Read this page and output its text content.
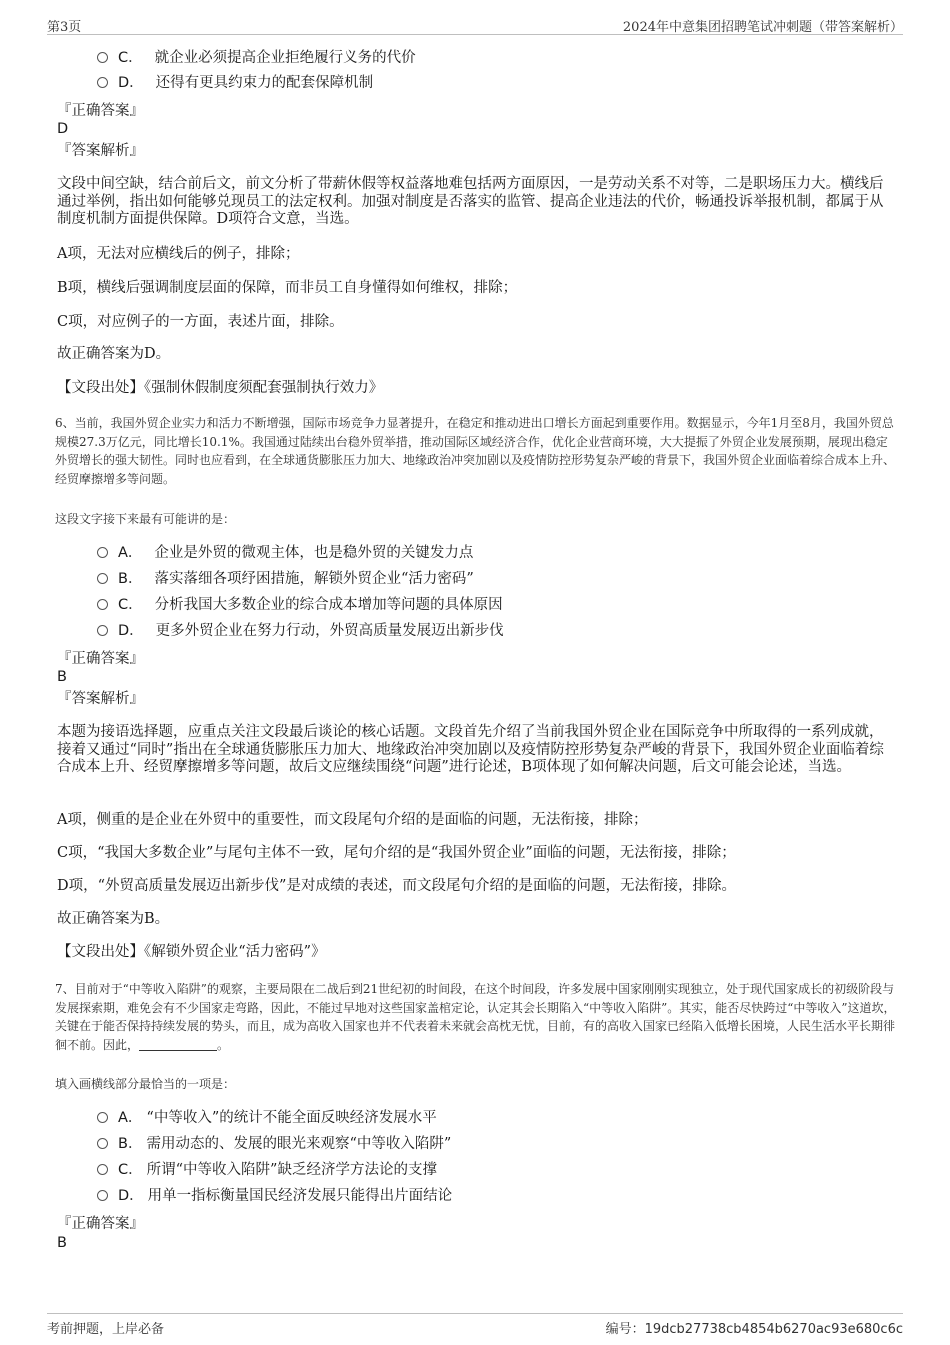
第3页	2024年中意集团招聘笔试冲刺题（带答案解析）
C． 就企业必须提高企业拒绝履行义务的代价
D． 还得有更具约束力的配套保障机制
『正确答案』
D
『答案解析』
文段中间空缺，结合前后文，前文分析了带薪休假等权益落地难包括两方面原因，一是劳动关系不对等，二是职场压力大。横线后通过举例，指出如何能够兑现员工的法定权利。加强对制度是否落实的监管、提高企业违法的代价，畅通投诉举报机制，都属于从制度机制方面提供保障。D项符合文意，当选。
A项，无法对应横线后的例子，排除；
B项，横线后强调制度层面的保障，而非员工自身懂得如何维权，排除；
C项，对应例子的一方面，表述片面，排除。
故正确答案为D。
【文段出处】《强制休假制度须配套强制执行效力》
6、当前，我国外贸企业实力和活力不断增强，国际市场竞争力显著提升，在稳定和推动进出口增长方面起到重要作用。数据显示，今年1月至8月，我国外贸总规模27.3万亿元，同比增长10.1%。我国通过陆续出台稳外贸举措，推动国际区域经济合作，优化企业营商环境，大大提振了外贸企业发展预期，展现出稳定外贸增长的强大韧性。同时也应看到，在全球通货膨胀压力加大、地缘政治冲突加剧以及疫情防控形势复杂严峻的背景下，我国外贸企业面临着综合成本上升、经贸摩擦增多等问题。
这段文字接下来最有可能讲的是：
A． 企业是外贸的微观主体，也是稳外贸的关键发力点
B． 落实落细各项纾困措施，解锁外贸企业“活力密码”
C． 分析我国大多数企业的综合成本增加等问题的具体原因
D． 更多外贸企业在努力行动，外贸高质量发展迈出新步伐
『正确答案』
B
『答案解析』
本题为接语选择题，应重点关注文段最后谈论的核心话题。文段首先介绍了当前我国外贸企业在国际竞争中所取得的一系列成就，接着又通过“同时”指出在全球通货膨胀压力加大、地缘政治冲突加剧以及疫情防控形势复杂严峻的背景下，我国外贸企业面临着综合成本上升、经贸摩擦增多等问题，故后文应继续围绕“问题”进行论述，B项体现了如何解决问题，后文可能会论述，当选。
A项，侧重的是企业在外贸中的重要性，而文段尾句介绍的是面临的问题，无法衔接，排除；
C项，“我国大多数企业”与尾句主体不一致，尾句介绍的是“我国外贸企业”面临的问题，无法衔接，排除；
D项，“外贸高质量发展迈出新步伐”是对成绩的表述，而文段尾句介绍的是面临的问题，无法衔接，排除。
故正确答案为B。
【文段出处】《解锁外贸企业“活力密码”》
7、目前对于“中等收入陷阱”的观察，主要局限在二战后到21世纪初的时间段，在这个时间段，许多发展中国家刚刚实现独立，处于现代国家成长的初级阶段与发展探索期，难免会有不少国家走弯路，因此，不能过早地对这些国家盖棺定论，认定其会长期陷入“中等收入陷阱”。其实，能否尽快跨过“中等收入”这道坎，关键在于能否保持持续发展的势头，而且，成为高收入国家也并不代表着未来就会高枕无忧，目前，有的高收入国家已经陷入低增长困境，人民生活水平长期徘徊不前。因此，	。
填入画横线部分最恰当的一项是：
A． “中等收入”的统计不能全面反映经济发展水平
B． 需用动态的、发展的眼光来观察“中等收入陷阱”
C． 所谓“中等收入陷阱”缺乏经济学方法论的支撑
D． 用单一指标衡量国民经济发展只能得出片面结论
『正确答案』
B
考前押题，上岸必备	编号：19dcb27738cb4854b6270ac93e680c6c
